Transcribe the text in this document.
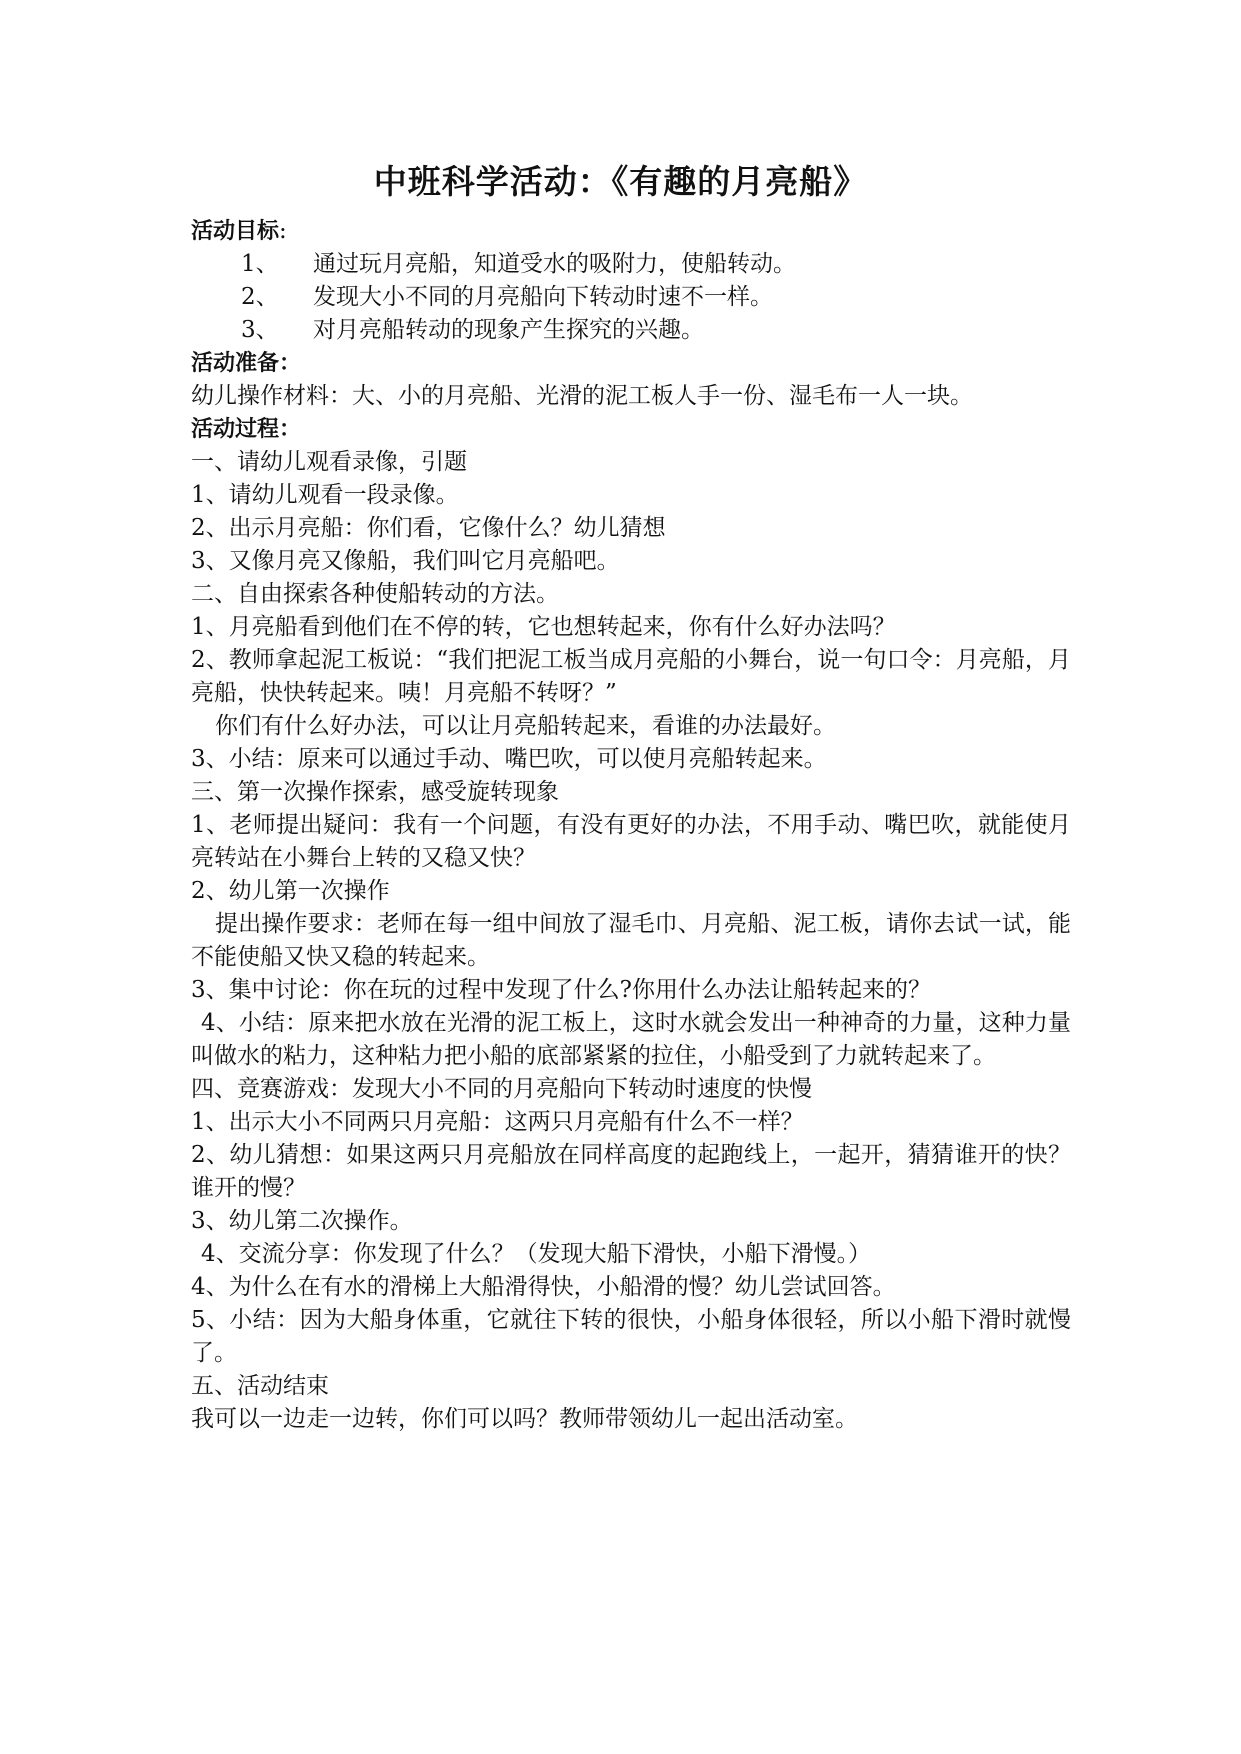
中班科学活动：《有趣的月亮船》

活动目标:

1、 通过玩月亮船，知道受水的吸附力，使船转动。

2、 发现大小不同的月亮船向下转动时速不一样。

3、 对月亮船转动的现象产生探究的兴趣。

活动准备：

幼儿操作材料：大、小的月亮船、光滑的泥工板人手一份、湿毛布一人一块。

活动过程：

一、请幼儿观看录像，引题

1、请幼儿观看一段录像。

2、出示月亮船：你们看，它像什么？幼儿猜想

3、又像月亮又像船，我们叫它月亮船吧。

二、自由探索各种使船转动的方法。

1、月亮船看到他们在不停的转，它也想转起来，你有什么好办法吗？

2、教师拿起泥工板说：“我们把泥工板当成月亮船的小舞台，说一句口令：月亮船，月亮船，快快转起来。咦！月亮船不转呀？”

你们有什么好办法，可以让月亮船转起来，看谁的办法最好。

3、小结：原来可以通过手动、嘴巴吹，可以使月亮船转起来。

三、第一次操作探索，感受旋转现象

1、老师提出疑问：我有一个问题，有没有更好的办法，不用手动、嘴巴吹，就能使月亮转站在小舞台上转的又稳又快？

2、幼儿第一次操作

提出操作要求：老师在每一组中间放了湿毛巾、月亮船、泥工板，请你去试一试，能不能使船又快又稳的转起来。

3、集中讨论：你在玩的过程中发现了什么?你用什么办法让船转起来的？

4、小结：原来把水放在光滑的泥工板上，这时水就会发出一种神奇的力量，这种力量叫做水的粘力，这种粘力把小船的底部紧紧的拉住，小船受到了力就转起来了。

四、竞赛游戏：发现大小不同的月亮船向下转动时速度的快慢

1、出示大小不同两只月亮船：这两只月亮船有什么不一样？

2、幼儿猜想：如果这两只月亮船放在同样高度的起跑线上，一起开，猜猜谁开的快？谁开的慢？

3、幼儿第二次操作。

4、交流分享：你发现了什么？（发现大船下滑快，小船下滑慢。）

4、为什么在有水的滑梯上大船滑得快，小船滑的慢？幼儿尝试回答。

5、小结：因为大船身体重，它就往下转的很快，小船身体很轻，所以小船下滑时就慢了。

五、活动结束

我可以一边走一边转，你们可以吗？教师带领幼儿一起出活动室。
